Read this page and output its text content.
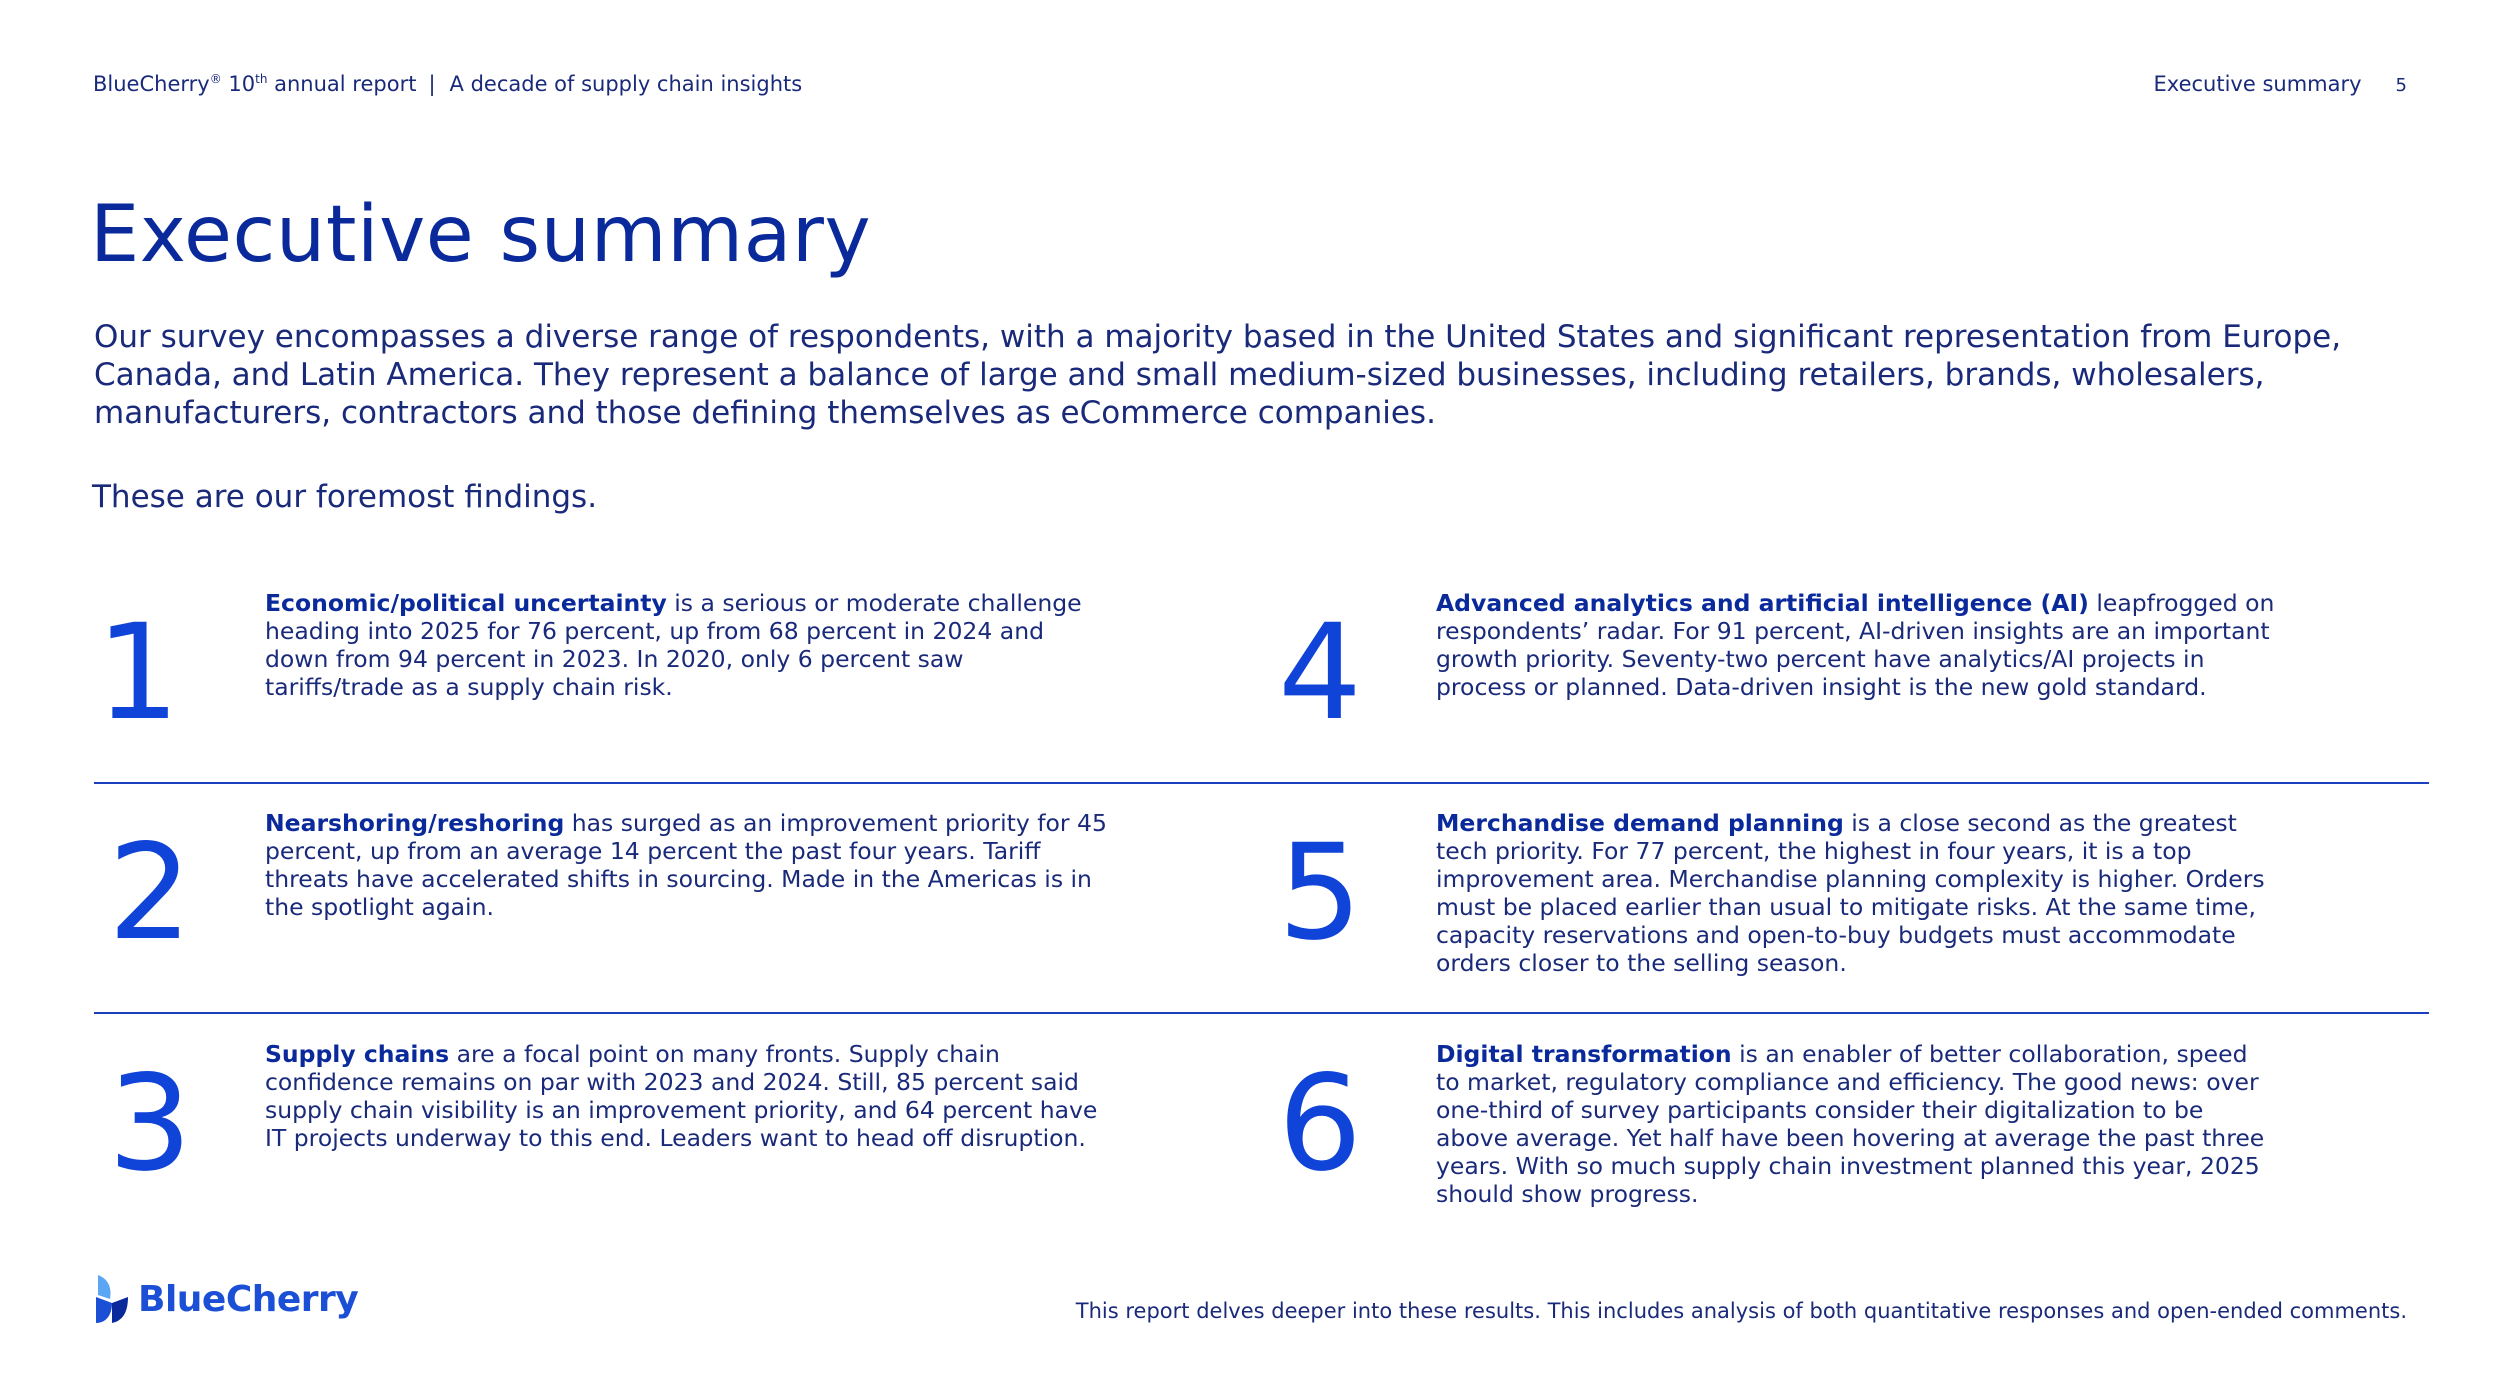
BlueCherry® 10th annual report | A decade of supply chain insights	Executive summary 5
Executive summary
Our survey encompasses a diverse range of respondents, with a majority based in the United States and significant representation from Europe, Canada, and Latin America. They represent a balance of large and small medium-sized businesses, including retailers, brands, wholesalers, manufacturers, contractors and those defining themselves as eCommerce companies.
These are our foremost findings.
1	Economic/political uncertainty is a serious or moderate challenge heading into 2025 for 76 percent, up from 68 percent in 2024 and down from 94 percent in 2023. In 2020, only 6 percent saw tariffs/trade as a supply chain risk.	4	Advanced analytics and artificial intelligence (AI) leapfrogged on respondents’ radar. For 91 percent, AI-driven insights are an important growth priority. Seventy-two percent have analytics/AI projects in process or planned. Data-driven insight is the new gold standard.
2	Nearshoring/reshoring has surged as an improvement priority for 45 percent, up from an average 14 percent the past four years. Tariff threats have accelerated shifts in sourcing. Made in the Americas is in the spotlight again.	5	Merchandise demand planning is a close second as the greatest tech priority. For 77 percent, the highest in four years, it is a top improvement area. Merchandise planning complexity is higher. Orders must be placed earlier than usual to mitigate risks. At the same time, capacity reservations and open-to-buy budgets must accommodate orders closer to the selling season.
3	Supply chains are a focal point on many fronts. Supply chain confidence remains on par with 2023 and 2024. Still, 85 percent said supply chain visibility is an improvement priority, and 64 percent have IT projects underway to this end. Leaders want to head off disruption. 6	Digital transformation is an enabler of better collaboration, speed to market, regulatory compliance and efficiency. The good news: over one-third of survey participants consider their digitalization to be above average. Yet half have been hovering at average the past three years. With so much supply chain investment planned this year, 2025 should show progress.
BlueCherry	This report delves deeper into these results. This includes analysis of both quantitative responses and open-ended comments.
